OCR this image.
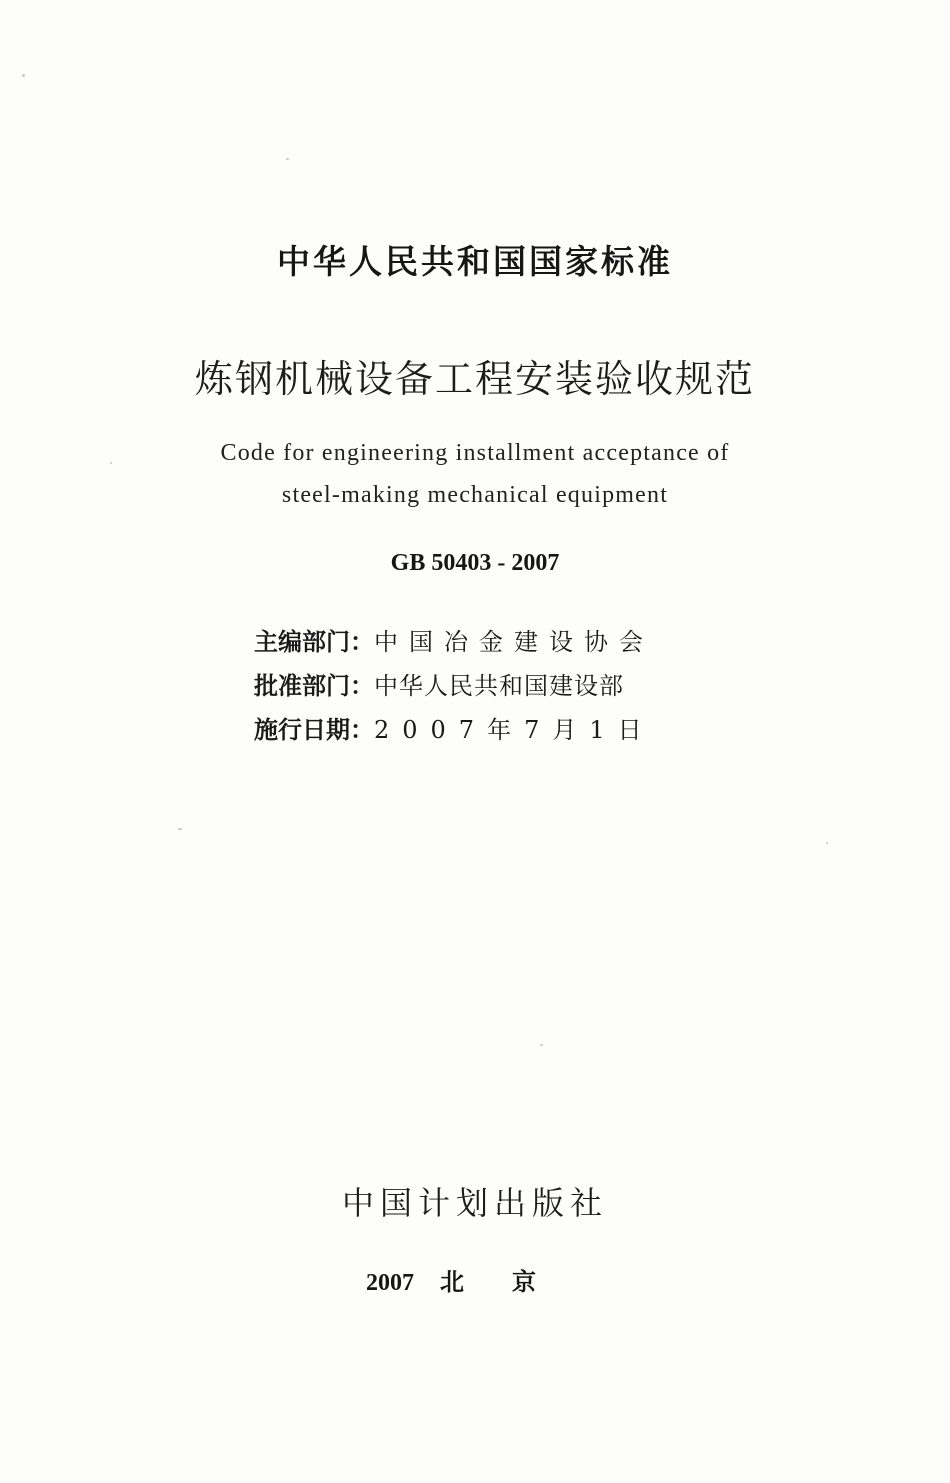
中华人民共和国国家标准
炼钢机械设备工程安装验收规范
Code for engineering installment acceptance of
steel-making mechanical equipment
GB 50403 - 2007
主编部门：中国冶金建设协会
批准部门：中华人民共和国建设部
施行日期：2007年7月1日
中国计划出版社
2007 北京
